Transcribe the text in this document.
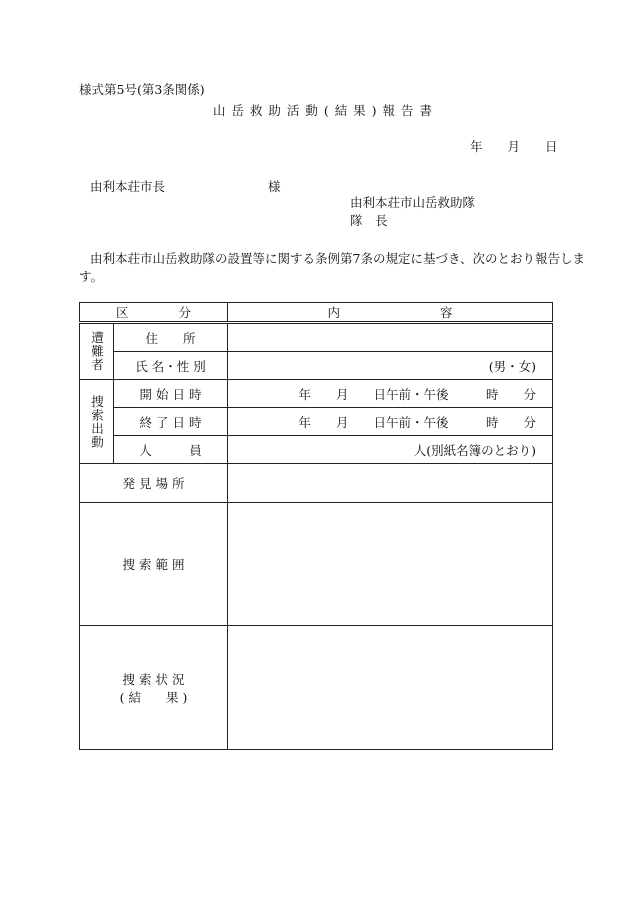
様式第5号(第3条関係)
山 岳 救 助 活 動 ( 結 果 ) 報 告 書
年　　月　　日
由利本荘市長	様
由利本荘市山岳救助隊
隊　長
由利本荘市山岳救助隊の設置等に関する条例第7条の規定に基づき、次のとおり報告しま
す。
区　　　　分		内　　　　　　　　容

遭難者	住　　所	
	氏 名・性 別	(男・女)

捜索出動	開 始 日 時	年　　月　　日午前・午後　　　時　　分
	終 了 日 時	年　　月　　日午前・午後　　　時　　分
	人　　　員	人(別紙名簿のとおり)
発 見 場 所		
捜 索 範 囲		

捜 索 状 況
( 結　　果 )		
